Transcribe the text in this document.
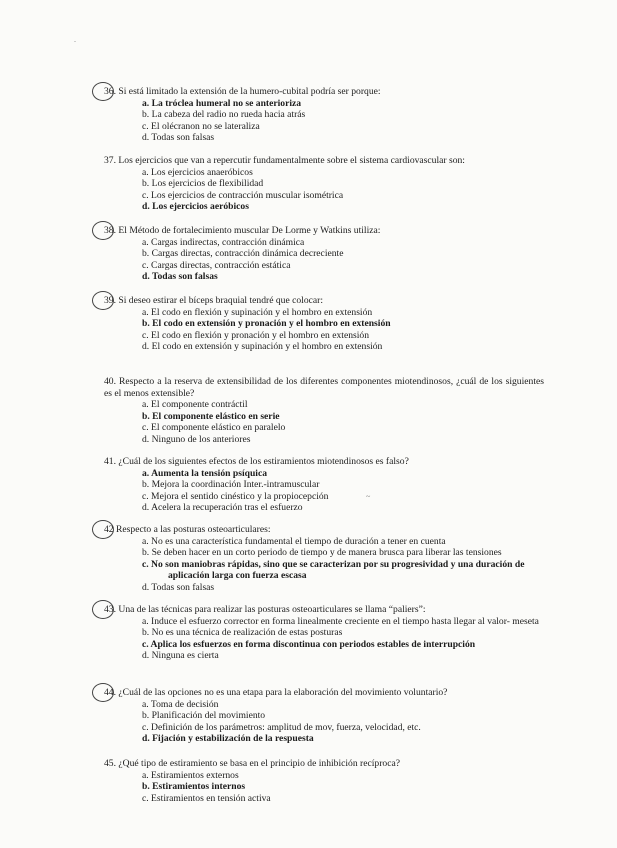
36. Si está limitado la extensión de la humero-cubital podría ser porque:

a. La tróclea humeral no se anterioriza
b. La cabeza del radio no rueda hacia atrás
c. El olécranon no se lateraliza
d. Todas son falsas

37. Los ejercicios que van a repercutir fundamentalmente sobre el sistema cardiovascular son:

a. Los ejercicios anaeróbicos
b. Los ejercicios de flexibilidad
c. Los ejercicios de contracción muscular isométrica
d. Los ejercicios aeróbicos

38. El Método de fortalecimiento muscular De Lorme y Watkins utiliza:

a. Cargas indirectas, contracción dinámica
b. Cargas directas, contracción dinámica decreciente
c. Cargas directas, contracción estática
d. Todas son falsas

39. Si deseo estirar el bíceps braquial tendré que colocar:

a. El codo en flexión y supinación y el hombro en extensión
b. El codo en extensión y pronación y el hombro en extensión
c. El codo en flexión y pronación y el hombro en extensión
d. El codo en extensión y supinación y el hombro en extensión

40. Respecto a la reserva de extensibilidad de los diferentes componentes miotendinosos, ¿cuál de los siguientes es el menos extensible?

a. El componente contráctil
b. El componente elástico en serie
c. El componente elástico en paralelo
d. Ninguno de los anteriores

41. ¿Cuál de los siguientes efectos de los estiramientos miotendinosos es falso?

a. Aumenta la tensión psíquica
b. Mejora la coordinación Inter.-intramuscular
c. Mejora el sentido cinéstico y la propiocepción
d. Acelera la recuperación tras el esfuerzo

42 Respecto a las posturas osteoarticulares:

a. No es una característica fundamental el tiempo de duración a tener en cuenta
b. Se deben hacer en un corto periodo de tiempo y de manera brusca para liberar las tensiones
c. No son maniobras rápidas, sino que se caracterizan por su progresividad y una duración de
aplicación larga con fuerza escasa
d. Todas son falsas

43. Una de las técnicas para realizar las posturas osteoarticulares se llama “paliers”:

a. Induce el esfuerzo corrector en forma linealmente creciente en el tiempo hasta llegar al valor- meseta
b. No es una técnica de realización de estas posturas
c. Aplica los esfuerzos en forma discontinua con periodos estables de interrupción
d. Ninguna es cierta

44. ¿Cuál de las opciones no es una etapa para la elaboración del movimiento voluntario?

a. Toma de decisión
b. Planificación del movimiento
c. Definición de los parámetros: amplitud de mov, fuerza, velocidad, etc.
d. Fijación y estabilización de la respuesta

45. ¿Qué tipo de estiramiento se basa en el principio de inhibición recíproca?

a. Estiramientos externos
b. Estiramientos internos
c. Estiramientos en tensión activa
.
~
